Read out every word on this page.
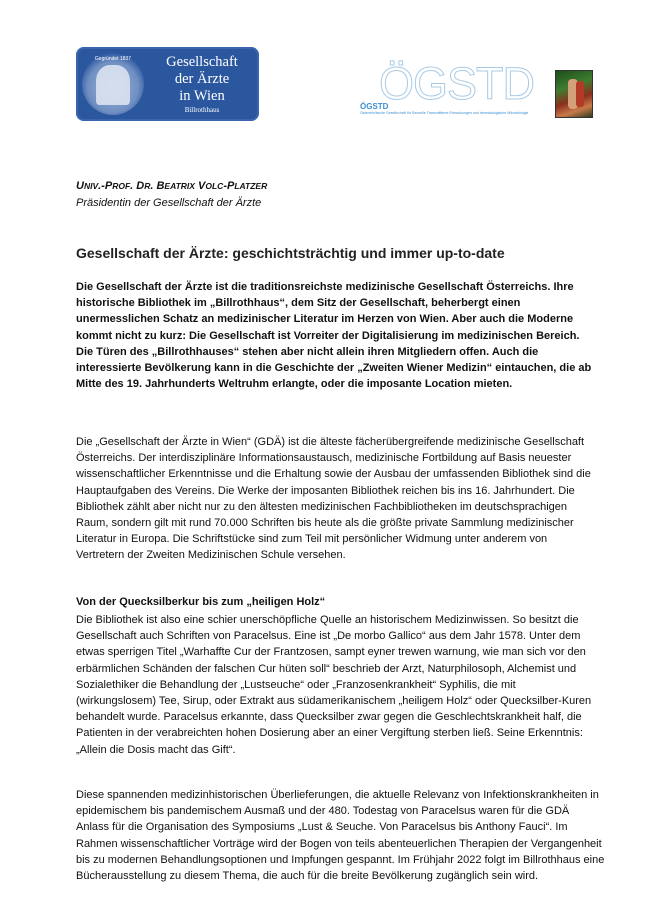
Gegründet 1837	Gesellschaft
der Ärzte
in Wien
Billrothhaus
ÖGSTD
ÖGSTD
Österreichische Gesellschaft für Sexuelle Transmittierte Erkrankungen und dermatologische Mikrobiologie
UNIV.-PROF. DR. BEATRIX VOLC-PLATZER
Präsidentin der Gesellschaft der Ärzte
Gesellschaft der Ärzte: geschichtsträchtig und immer up-to-date
Die Gesellschaft der Ärzte ist die traditionsreichste medizinische Gesellschaft Österreichs. Ihre
historische Bibliothek im „Billrothhaus“, dem Sitz der Gesellschaft, beherbergt einen
unermesslichen Schatz an medizinischer Literatur im Herzen von Wien. Aber auch die Moderne
kommt nicht zu kurz: Die Gesellschaft ist Vorreiter der Digitalisierung im medizinischen Bereich.
Die Türen des „Billrothhauses“ stehen aber nicht allein ihren Mitgliedern offen. Auch die
interessierte Bevölkerung kann in die Geschichte der „Zweiten Wiener Medizin“ eintauchen, die ab
Mitte des 19. Jahrhunderts Weltruhm erlangte, oder die imposante Location mieten.
Die „Gesellschaft der Ärzte in Wien“ (GDÄ) ist die älteste fächerübergreifende medizinische Gesellschaft
Österreichs. Der interdisziplinäre Informationsaustausch, medizinische Fortbildung auf Basis neuester
wissenschaftlicher Erkenntnisse und die Erhaltung sowie der Ausbau der umfassenden Bibliothek sind die
Hauptaufgaben des Vereins. Die Werke der imposanten Bibliothek reichen bis ins 16. Jahrhundert. Die
Bibliothek zählt aber nicht nur zu den ältesten medizinischen Fachbibliotheken im deutschsprachigen
Raum, sondern gilt mit rund 70.000 Schriften bis heute als die größte private Sammlung medizinischer
Literatur in Europa. Die Schriftstücke sind zum Teil mit persönlicher Widmung unter anderem von
Vertretern der Zweiten Medizinischen Schule versehen.
Von der Quecksilberkur bis zum „heiligen Holz“
Die Bibliothek ist also eine schier unerschöpfliche Quelle an historischem Medizinwissen. So besitzt die
Gesellschaft auch Schriften von Paracelsus. Eine ist „De morbo Gallico“ aus dem Jahr 1578. Unter dem
etwas sperrigen Titel „Warhaffte Cur der Frantzosen, sampt eyner trewen warnung, wie man sich vor den
erbärmlichen Schänden der falschen Cur hüten soll“ beschrieb der Arzt, Naturphilosoph, Alchemist und
Sozialethiker die Behandlung der „Lustseuche“ oder „Franzosenkrankheit“ Syphilis, die mit
(wirkungslosem) Tee, Sirup, oder Extrakt aus südamerikanischem „heiligem Holz“ oder Quecksilber-Kuren
behandelt wurde. Paracelsus erkannte, dass Quecksilber zwar gegen die Geschlechtskrankheit half, die
Patienten in der verabreichten hohen Dosierung aber an einer Vergiftung sterben ließ. Seine Erkenntnis:
„Allein die Dosis macht das Gift“.
Diese spannenden medizinhistorischen Überlieferungen, die aktuelle Relevanz von Infektionskrankheiten in
epidemischem bis pandemischem Ausmaß und der 480. Todestag von Paracelsus waren für die GDÄ
Anlass für die Organisation des Symposiums „Lust & Seuche. Von Paracelsus bis Anthony Fauci“. Im
Rahmen wissenschaftlicher Vorträge wird der Bogen von teils abenteuerlichen Therapien der Vergangenheit
bis zu modernen Behandlungsoptionen und Impfungen gespannt. Im Frühjahr 2022 folgt im Billrothhaus eine
Bücherausstellung zu diesem Thema, die auch für die breite Bevölkerung zugänglich sein wird.
